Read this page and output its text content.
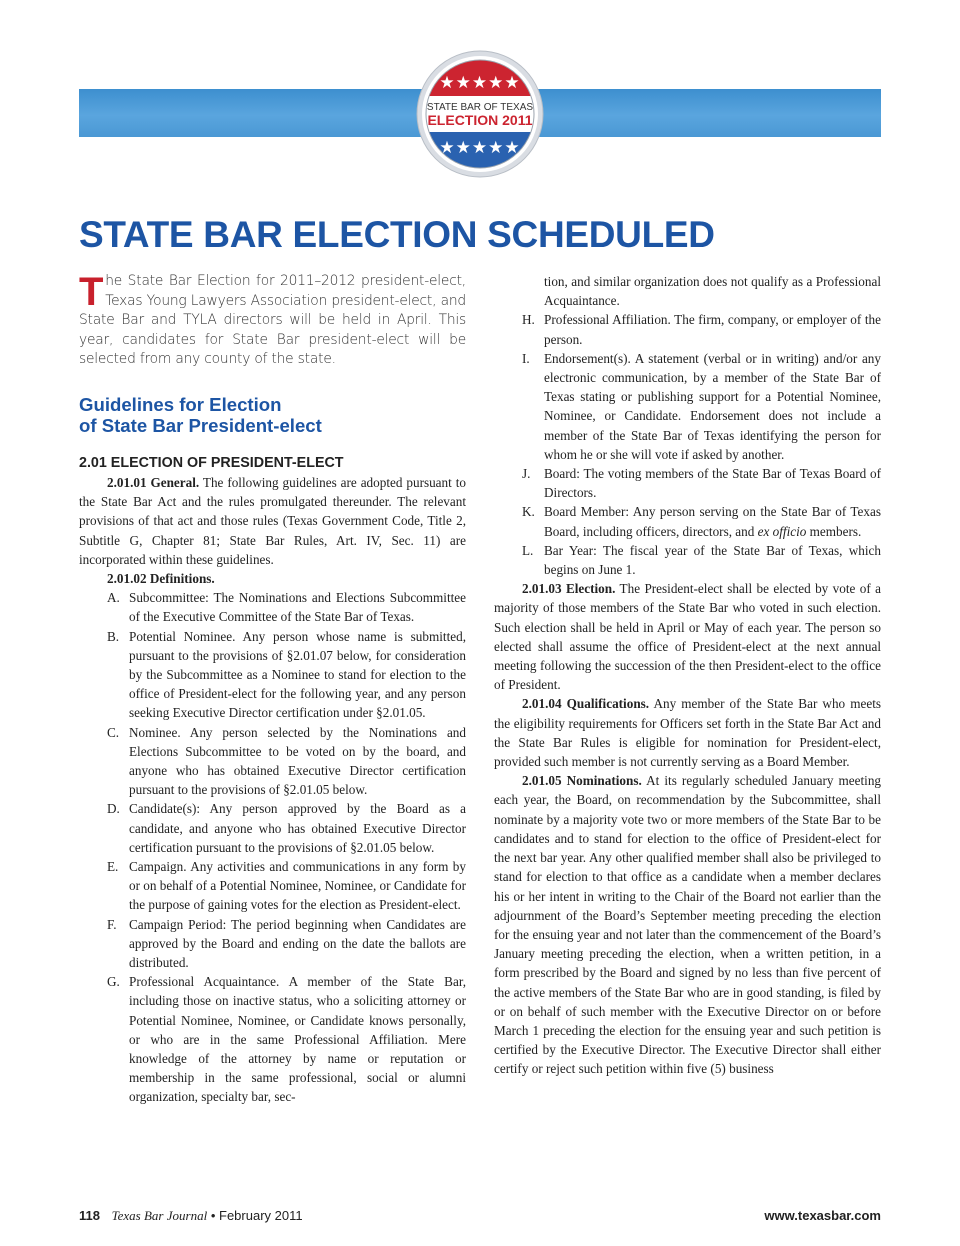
★★★★★
STATE BAR OF TEXAS
ELECTION 2011
★★★★★
STATE BAR ELECTION SCHEDULED

The State Bar Election for 2011–2012 president-elect, Texas Young Lawyers Association president-elect, and State Bar and TYLA directors will be held in April. This year, candidates for State Bar president-elect will be selected from any county of the state.

Guidelines for Election
of State Bar President-elect
2.01 ELECTION OF PRESIDENT-ELECT

2.01.01 General. The following guidelines are adopted pursuant to the State Bar Act and the rules promulgated thereunder. The relevant provisions of that act and those rules (Texas Government Code, Title 2, Subtitle G, Chapter 81; State Bar Rules, Art. IV, Sec. 11) are incorporated within these guidelines.

2.01.02 Definitions.

A. Subcommittee: The Nominations and Elections Subcommittee of the Executive Committee of the State Bar of Texas.
B. Potential Nominee. Any person whose name is submitted, pursuant to the provisions of §2.01.07 below, for consideration by the Subcommittee as a Nominee to stand for election to the office of President-elect for the following year, and any person seeking Executive Director certification under §2.01.05.
C. Nominee. Any person selected by the Nominations and Elections Subcommittee to be voted on by the board, and anyone who has obtained Executive Director certification pursuant to the provisions of §2.01.05 below.
D. Candidate(s): Any person approved by the Board as a candidate, and anyone who has obtained Executive Director certification pursuant to the provisions of §2.01.05 below.
E. Campaign. Any activities and communications in any form by or on behalf of a Potential Nominee, Nominee, or Candidate for the purpose of gaining votes for the election as President-elect.
F. Campaign Period: The period beginning when Candidates are approved by the Board and ending on the date the ballots are distributed.
G. Professional Acquaintance. A member of the State Bar, including those on inactive status, who a soliciting attorney or Potential Nominee, Nominee, or Candidate knows personally, or who are in the same Professional Affiliation. Mere knowledge of the attorney by name or reputation or membership in the same professional, social or alumni organization, specialty bar, sec-
tion, and similar organization does not qualify as a Professional Acquaintance.
H. Professional Affiliation. The firm, company, or employer of the person.
I.	Endorsement(s). A statement (verbal or in writing) and/or any electronic communication, by a member of the State Bar of Texas stating or publishing support for a Potential Nominee, Nominee, or Candidate. Endorsement does not include a member of the State Bar of Texas identifying the person for whom he or she will vote if asked by another.
J.	Board: The voting members of the State Bar of Texas Board of Directors.
K. Board Member: Any person serving on the State Bar of Texas Board, including officers, directors, and ex officio members.
L. Bar Year: The fiscal year of the State Bar of Texas, which begins on June 1.

2.01.03 Election. The President-elect shall be elected by vote of a majority of those members of the State Bar who voted in such election. Such election shall be held in April or May of each year. The person so elected shall assume the office of President-elect at the next annual meeting following the succession of the then President-elect to the office of President.

2.01.04 Qualifications. Any member of the State Bar who meets the eligibility requirements for Officers set forth in the State Bar Act and the State Bar Rules is eligible for nomination for President-elect, provided such member is not currently serving as a Board Member.

2.01.05 Nominations. At its regularly scheduled January meeting each year, the Board, on recommendation by the Subcommittee, shall nominate by a majority vote two or more members of the State Bar to be candidates and to stand for election to the office of President-elect for the next bar year. Any other qualified member shall also be privileged to stand for election to that office as a candidate when a member declares his or her intent in writing to the Chair of the Board not earlier than the adjournment of the Board’s September meeting preceding the election for the ensuing year and not later than the commencement of the Board’s January meeting preceding the election, when a written petition, in a form prescribed by the Board and signed by no less than five percent of the active members of the State Bar who are in good standing, is filed by or on behalf of such member with the Executive Director on or before March 1 preceding the election for the ensuing year and such petition is certified by the Executive Director. The Executive Director shall either certify or reject such petition within five (5) business

118 Texas Bar Journal • February 2011	www.texasbar.com
